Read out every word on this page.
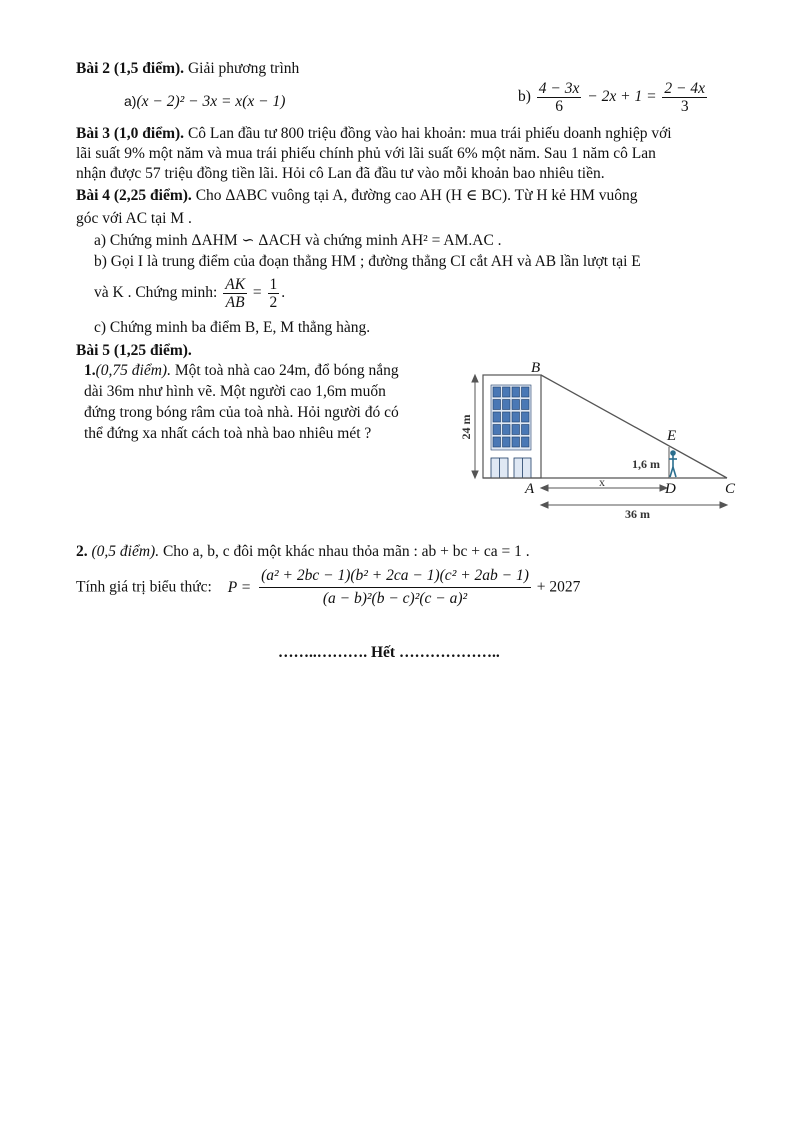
Bài 2 (1,5 điểm). Giải phương trình
a)(x − 2)² − 3x = x(x − 1)	$b) \frac{4 - 3x}{6} - 2x + 1 = \frac{2 - 4x}{3}$
Bài 3 (1,0 điểm). Cô Lan đầu tư 800 triệu đồng vào hai khoản: mua trái phiếu doanh nghiệp với
lãi suất 9% một năm và mua trái phiếu chính phủ với lãi suất 6% một năm. Sau 1 năm cô Lan
nhận được 57 triệu đồng tiền lãi. Hỏi cô Lan đã đầu tư vào mỗi khoản bao nhiêu tiền.
Bài 4 (2,25 điểm). Cho ΔABC vuông tại A, đường cao AH (H ∈ BC). Từ H kẻ HM vuông
góc với AC tại M .
a) Chứng minh ΔAHM ∽ ΔACH và chứng minh AH² = AM.AC .
b) Gọi I là trung điểm của đoạn thẳng HM ; đường thẳng CI cắt AH và AB lần lượt tại E
và K . Chứng minh: $\frac{AK}{AB} = \frac{1}{2}$ .
c) Chứng minh ba điểm B, E, M thẳng hàng.
Bài 5 (1,25 điểm).
1.(0,75 điểm). Một toà nhà cao 24m, đổ bóng nắng
dài 36m như hình vẽ. Một người cao 1,6m muốn
đứng trong bóng râm của toà nhà. Hỏi người đó có
thể đứng xa nhất cách toà nhà bao nhiêu mét ?	24 m
B
E
A	D	C
1,6 m
x
36 m
2. (0,5 điểm). Cho a, b, c đôi một khác nhau thỏa mãn : ab + bc + ca = 1 .
Tính giá trị biểu thức: $P = \frac{\text{(a² + 2bc − 1)(b² + 2ca − 1)(c² + 2ab − 1)}}{\text{(a − b)²(b − c)²(c − a)²}} + 2027$
……..………. Hết ………………..
